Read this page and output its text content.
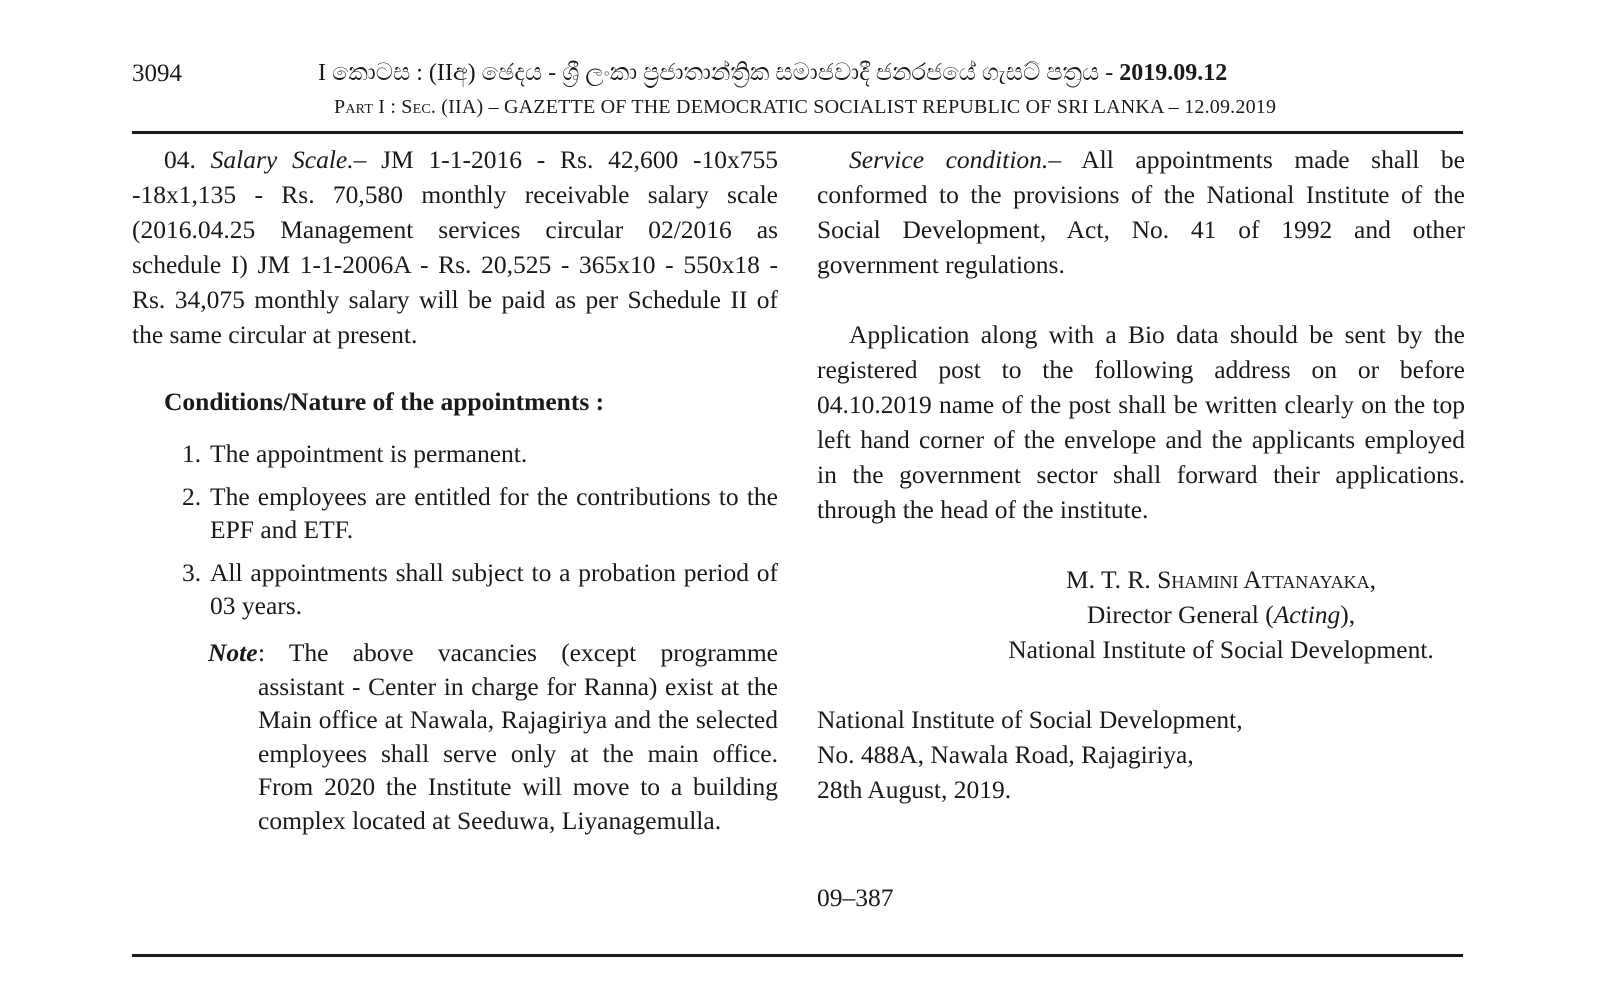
3094	I කොටස : (IIඅ) ඡෙදය - ශ්‍රී ලංකා ප්‍රජාතාන්ත්‍රික සමාජවාදී ජනරජයේ ගැසට් පත්‍රය - 2019.09.12
Part I : Sec. (IIA) – GAZETTE OF THE DEMOCRATIC SOCIALIST REPUBLIC OF SRI LANKA – 12.09.2019

04. Salary Scale.– JM 1-1-2016 - Rs. 42,600 -10x755 -18x1,135 - Rs. 70,580 monthly receivable salary scale (2016.04.25 Management services circular 02/2016 as schedule I) JM 1-1-2006A - Rs. 20,525 - 365x10 - 550x18 - Rs. 34,075 monthly salary will be paid as per Schedule II of the same circular at present.

Conditions/Nature of the appointments :

1. The appointment is permanent.
2. The employees are entitled for the contributions to the EPF and ETF.
3. All appointments shall subject to a probation period of 03 years.

Note : The above vacancies (except programme assistant - Center in charge for Ranna) exist at the Main office at Nawala, Rajagiriya and the selected employees shall serve only at the main office. From 2020 the Institute will move to a building complex located at Seeduwa, Liyanagemulla.

Service condition.– All appointments made shall be conformed to the provisions of the National Institute of the Social Development, Act, No. 41 of 1992 and other government regulations.

Application along with a Bio data should be sent by the registered post to the following address on or before 04.10.2019 name of the post shall be written clearly on the top left hand corner of the envelope and the applicants employed in the government sector shall forward their applications. through the head of the institute.

M. T. R. Shamini Attanayaka,
Director General (Acting),
National Institute of Social Development.
National Institute of Social Development,
No. 488A, Nawala Road, Rajagiriya,
28th August, 2019.
09–387
